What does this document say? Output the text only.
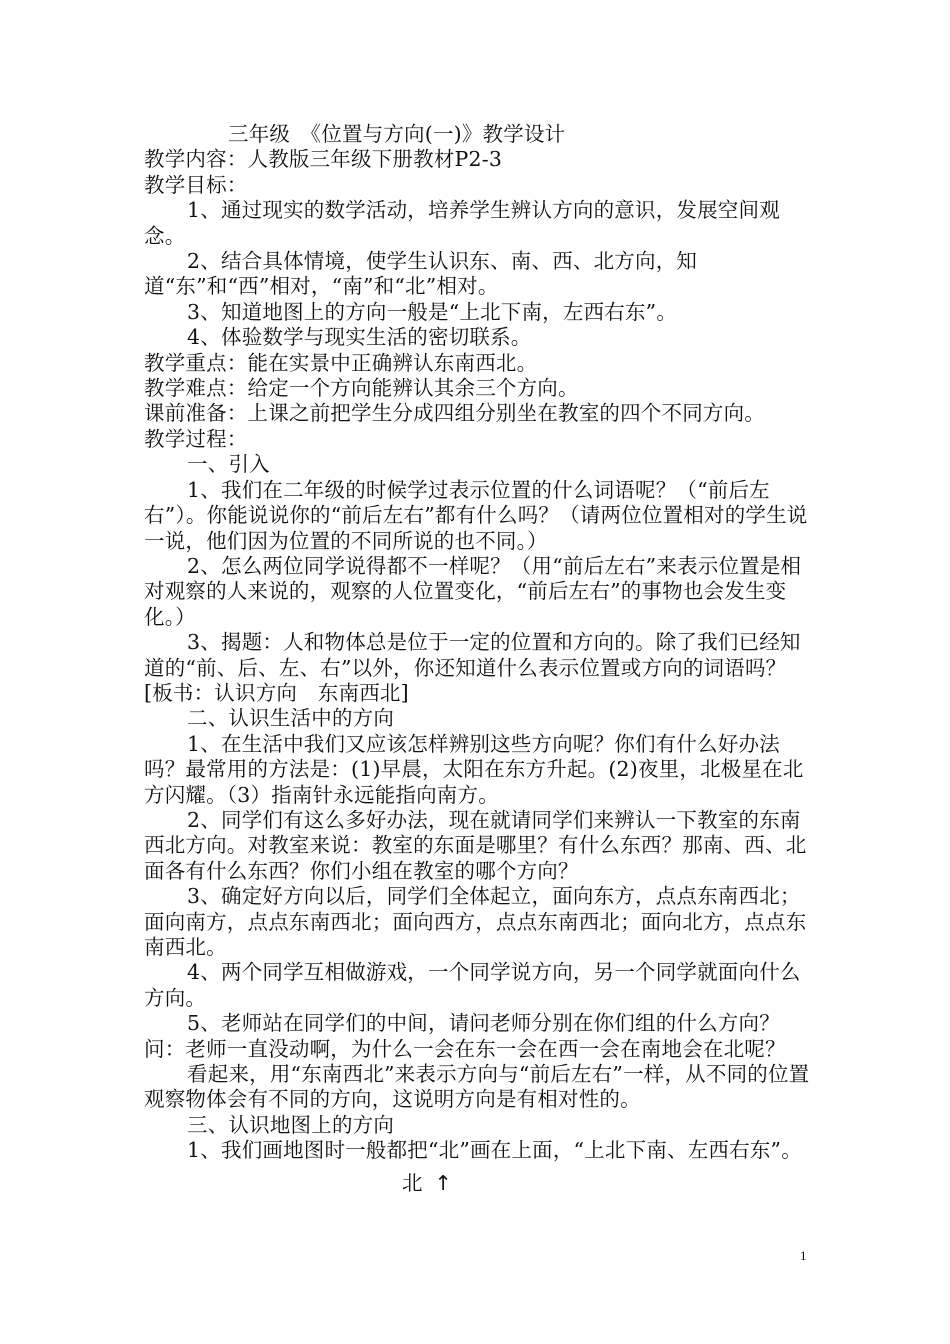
三年级　《位置与方向(一)》教学设计

教学内容：人教版三年级下册教材P2-3

教学目标：

1、通过现实的数学活动，培养学生辨认方向的意识，发展空间观念。

2、结合具体情境，使学生认识东、南、西、北方向，知道“东”和“西”相对，“南”和“北”相对。

3、知道地图上的方向一般是“上北下南，左西右东”。

4、体验数学与现实生活的密切联系。

教学重点：能在实景中正确辨认东南西北。

教学难点：给定一个方向能辨认其余三个方向。

课前准备：上课之前把学生分成四组分别坐在教室的四个不同方向。

教学过程：

一、引入

1、我们在二年级的时候学过表示位置的什么词语呢？（“前后左右”）。你能说说你的“前后左右”都有什么吗？（请两位位置相对的学生说一说，他们因为位置的不同所说的也不同。）

2、怎么两位同学说得都不一样呢？（用“前后左右”来表示位置是相对观察的人来说的，观察的人位置变化，“前后左右”的事物也会发生变化。）

3、揭题：人和物体总是位于一定的位置和方向的。除了我们已经知道的“前、后、左、右”以外，你还知道什么表示位置或方向的词语吗？　　[板书：认识方向　东南西北]

二、认识生活中的方向

1、在生活中我们又应该怎样辨别这些方向呢？你们有什么好办法吗？最常用的方法是：(1)早晨，太阳在东方升起。(2)夜里，北极星在北方闪耀。（3）指南针永远能指向南方。

2、同学们有这么多好办法，现在就请同学们来辨认一下教室的东南西北方向。对教室来说：教室的东面是哪里？有什么东西？那南、西、北面各有什么东西？你们小组在教室的哪个方向？

3、确定好方向以后，同学们全体起立，面向东方，点点东南西北；面向南方，点点东南西北；面向西方，点点东南西北；面向北方，点点东南西北。

4、两个同学互相做游戏，一个同学说方向，另一个同学就面向什么方向。

5、老师站在同学们的中间，请问老师分别在你们组的什么方向？

问：老师一直没动啊，为什么一会在东一会在西一会在南地会在北呢？

看起来，用“东南西北”来表示方向与“前后左右”一样，从不同的位置观察物体会有不同的方向，这说明方向是有相对性的。

三、认识地图上的方向

1、我们画地图时一般都把“北”画在上面，“上北下南、左西右东”。

北 ↑
1
